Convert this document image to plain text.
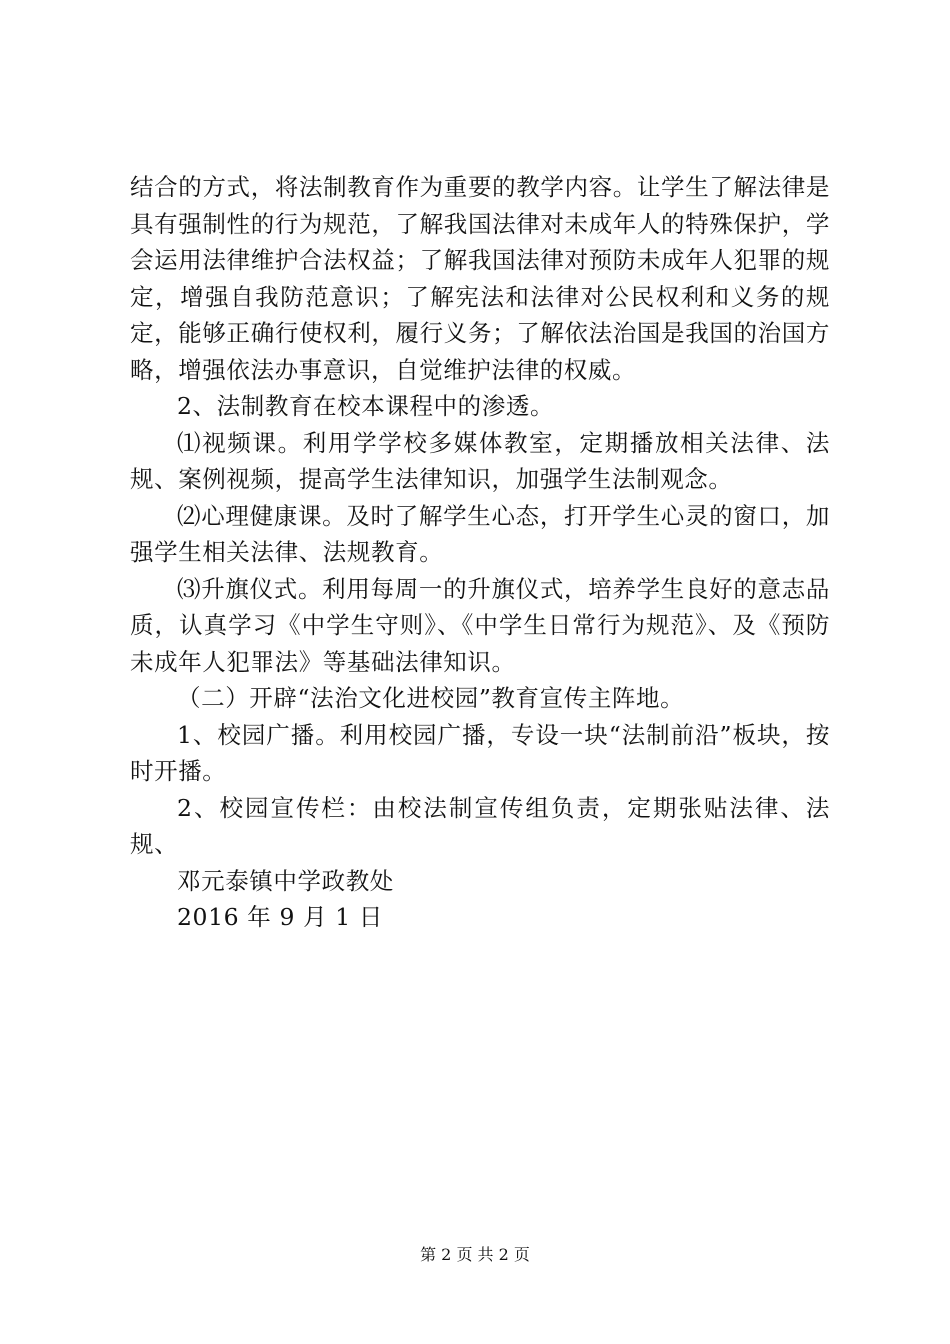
结合的方式，将法制教育作为重要的教学内容。让学生了解法律是具有强制性的行为规范，了解我国法律对未成年人的特殊保护，学会运用法律维护合法权益；了解我国法律对预防未成年人犯罪的规定，增强自我防范意识；了解宪法和法律对公民权利和义务的规定，能够正确行使权利，履行义务；了解依法治国是我国的治国方略，增强依法办事意识，自觉维护法律的权威。

2、法制教育在校本课程中的渗透。

⑴视频课。利用学学校多媒体教室，定期播放相关法律、法规、案例视频，提高学生法律知识，加强学生法制观念。

⑵心理健康课。及时了解学生心态，打开学生心灵的窗口，加强学生相关法律、法规教育。

⑶升旗仪式。利用每周一的升旗仪式，培养学生良好的意志品质，认真学习《中学生守则》、《中学生日常行为规范》、及《预防未成年人犯罪法》等基础法律知识。

（二）开辟“法治文化进校园”教育宣传主阵地。

1、校园广播。利用校园广播，专设一块“法制前沿”板块，按时开播。

2、校园宣传栏：由校法制宣传组负责，定期张贴法律、法规、

邓元泰镇中学政教处

2016 年 9 月 1 日

第 2 页 共 2 页
